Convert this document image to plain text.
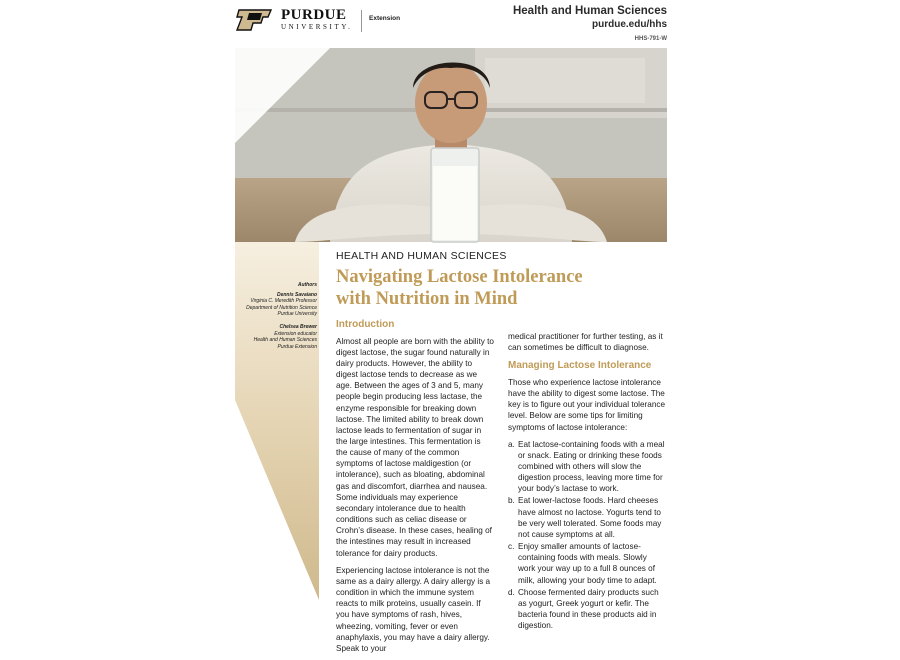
PURDUE
UNIVERSITY.
Extension
Health and Human Sciences
purdue.edu/hhs
HHS-791-W
Authors
Dennis Savaiano
Virginia C. Meredith Professor
Department of Nutrition Science
Purdue University
Chelsea Brewer
Extension educator
Health and Human Sciences
Purdue Extension
HEALTH AND HUMAN SCIENCES
Navigating Lactose Intolerance
with Nutrition in Mind
Introduction

Almost all people are born with the ability to digest lactose, the sugar found naturally in dairy products. However, the ability to digest lactose tends to decrease as we age. Between the ages of 3 and 5, many people begin producing less lactase, the enzyme responsible for breaking down lactose. The limited ability to break down lactose leads to fermentation of sugar in the large intestines. This fermentation is the cause of many of the common symptoms of lactose maldigestion (or intolerance), such as bloating, abdominal gas and discomfort, diarrhea and nausea. Some individuals may experience secondary intolerance due to health conditions such as celiac disease or Crohn’s disease. In these cases, healing of the intestines may result in increased tolerance for dairy products.

Experiencing lactose intolerance is not the same as a dairy allergy. A dairy allergy is a condition in which the immune system reacts to milk proteins, usually casein. If you have symptoms of rash, hives, wheezing, vomiting, fever or even anaphylaxis, you may have a dairy allergy. Speak to your

medical practitioner for further testing, as it can sometimes be difficult to diagnose.

Managing Lactose Intolerance

Those who experience lactose intolerance have the ability to digest some lactose. The key is to figure out your individual tolerance level. Below are some tips for limiting symptoms of lactose intolerance:

a. Eat lactose-containing foods with a meal or snack. Eating or drinking these foods combined with others will slow the digestion process, leaving more time for your body’s lactase to work.
b. Eat lower-lactose foods. Hard cheeses have almost no lactose. Yogurts tend to be very well tolerated. Some foods may not cause symptoms at all.
c. Enjoy smaller amounts of lactose-containing foods with meals. Slowly work your way up to a full 8 ounces of milk, allowing your body time to adapt.
d. Choose fermented dairy products such as yogurt, Greek yogurt or kefir. The bacteria found in these products aid in digestion.
